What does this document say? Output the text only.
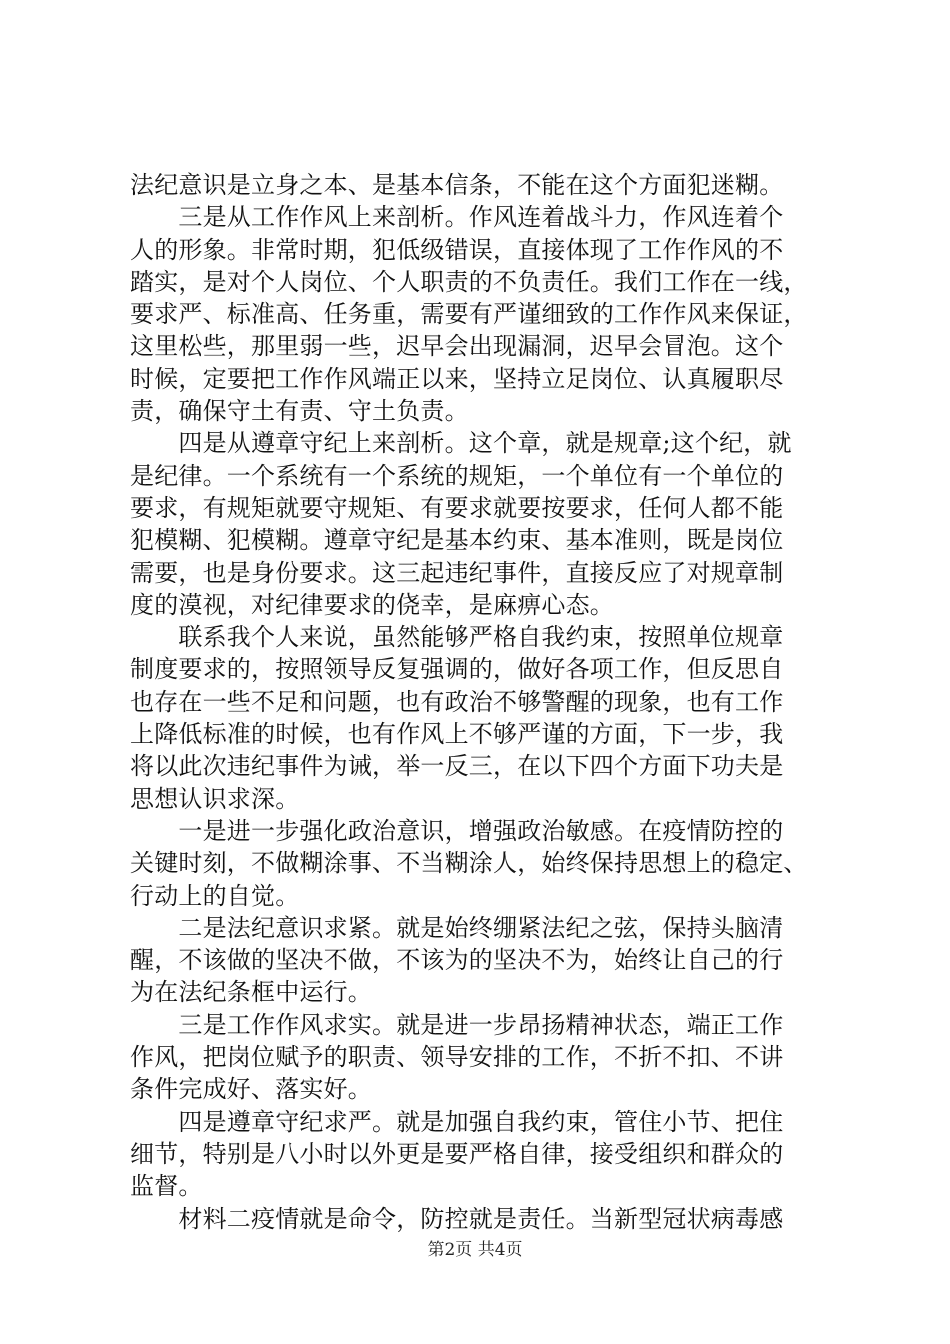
法纪意识是立身之本、是基本信条，不能在这个方面犯迷糊。
　　三是从工作作风上来剖析。作风连着战斗力，作风连着个
人的形象。非常时期，犯低级错误，直接体现了工作作风的不
踏实，是对个人岗位、个人职责的不负责任。我们工作在一线，
要求严、标准高、任务重，需要有严谨细致的工作作风来保证，
这里松些，那里弱一些，迟早会出现漏洞，迟早会冒泡。这个
时候，定要把工作作风端正以来，坚持立足岗位、认真履职尽
责，确保守土有责、守土负责。
　　四是从遵章守纪上来剖析。这个章，就是规章;这个纪，就
是纪律。一个系统有一个系统的规矩，一个单位有一个单位的
要求，有规矩就要守规矩、有要求就要按要求，任何人都不能
犯模糊、犯模糊。遵章守纪是基本约束、基本准则，既是岗位
需要，也是身份要求。这三起违纪事件，直接反应了对规章制
度的漠视，对纪律要求的侥幸，是麻痹心态。
　　联系我个人来说，虽然能够严格自我约束，按照单位规章
制度要求的，按照领导反复强调的，做好各项工作，但反思自
也存在一些不足和问题，也有政治不够警醒的现象，也有工作
上降低标准的时候，也有作风上不够严谨的方面，下一步，我
将以此次违纪事件为诫，举一反三，在以下四个方面下功夫是
思想认识求深。
　　一是进一步强化政治意识，增强政治敏感。在疫情防控的
关键时刻，不做糊涂事、不当糊涂人，始终保持思想上的稳定、
行动上的自觉。
　　二是法纪意识求紧。就是始终绷紧法纪之弦，保持头脑清
醒，不该做的坚决不做，不该为的坚决不为，始终让自己的行
为在法纪条框中运行。
　　三是工作作风求实。就是进一步昂扬精神状态，端正工作
作风，把岗位赋予的职责、领导安排的工作，不折不扣、不讲
条件完成好、落实好。
　　四是遵章守纪求严。就是加强自我约束，管住小节、把住
细节，特别是八小时以外更是要严格自律，接受组织和群众的
监督。
　　材料二疫情就是命令，防控就是责任。当新型冠状病毒感
第2页 共4页
